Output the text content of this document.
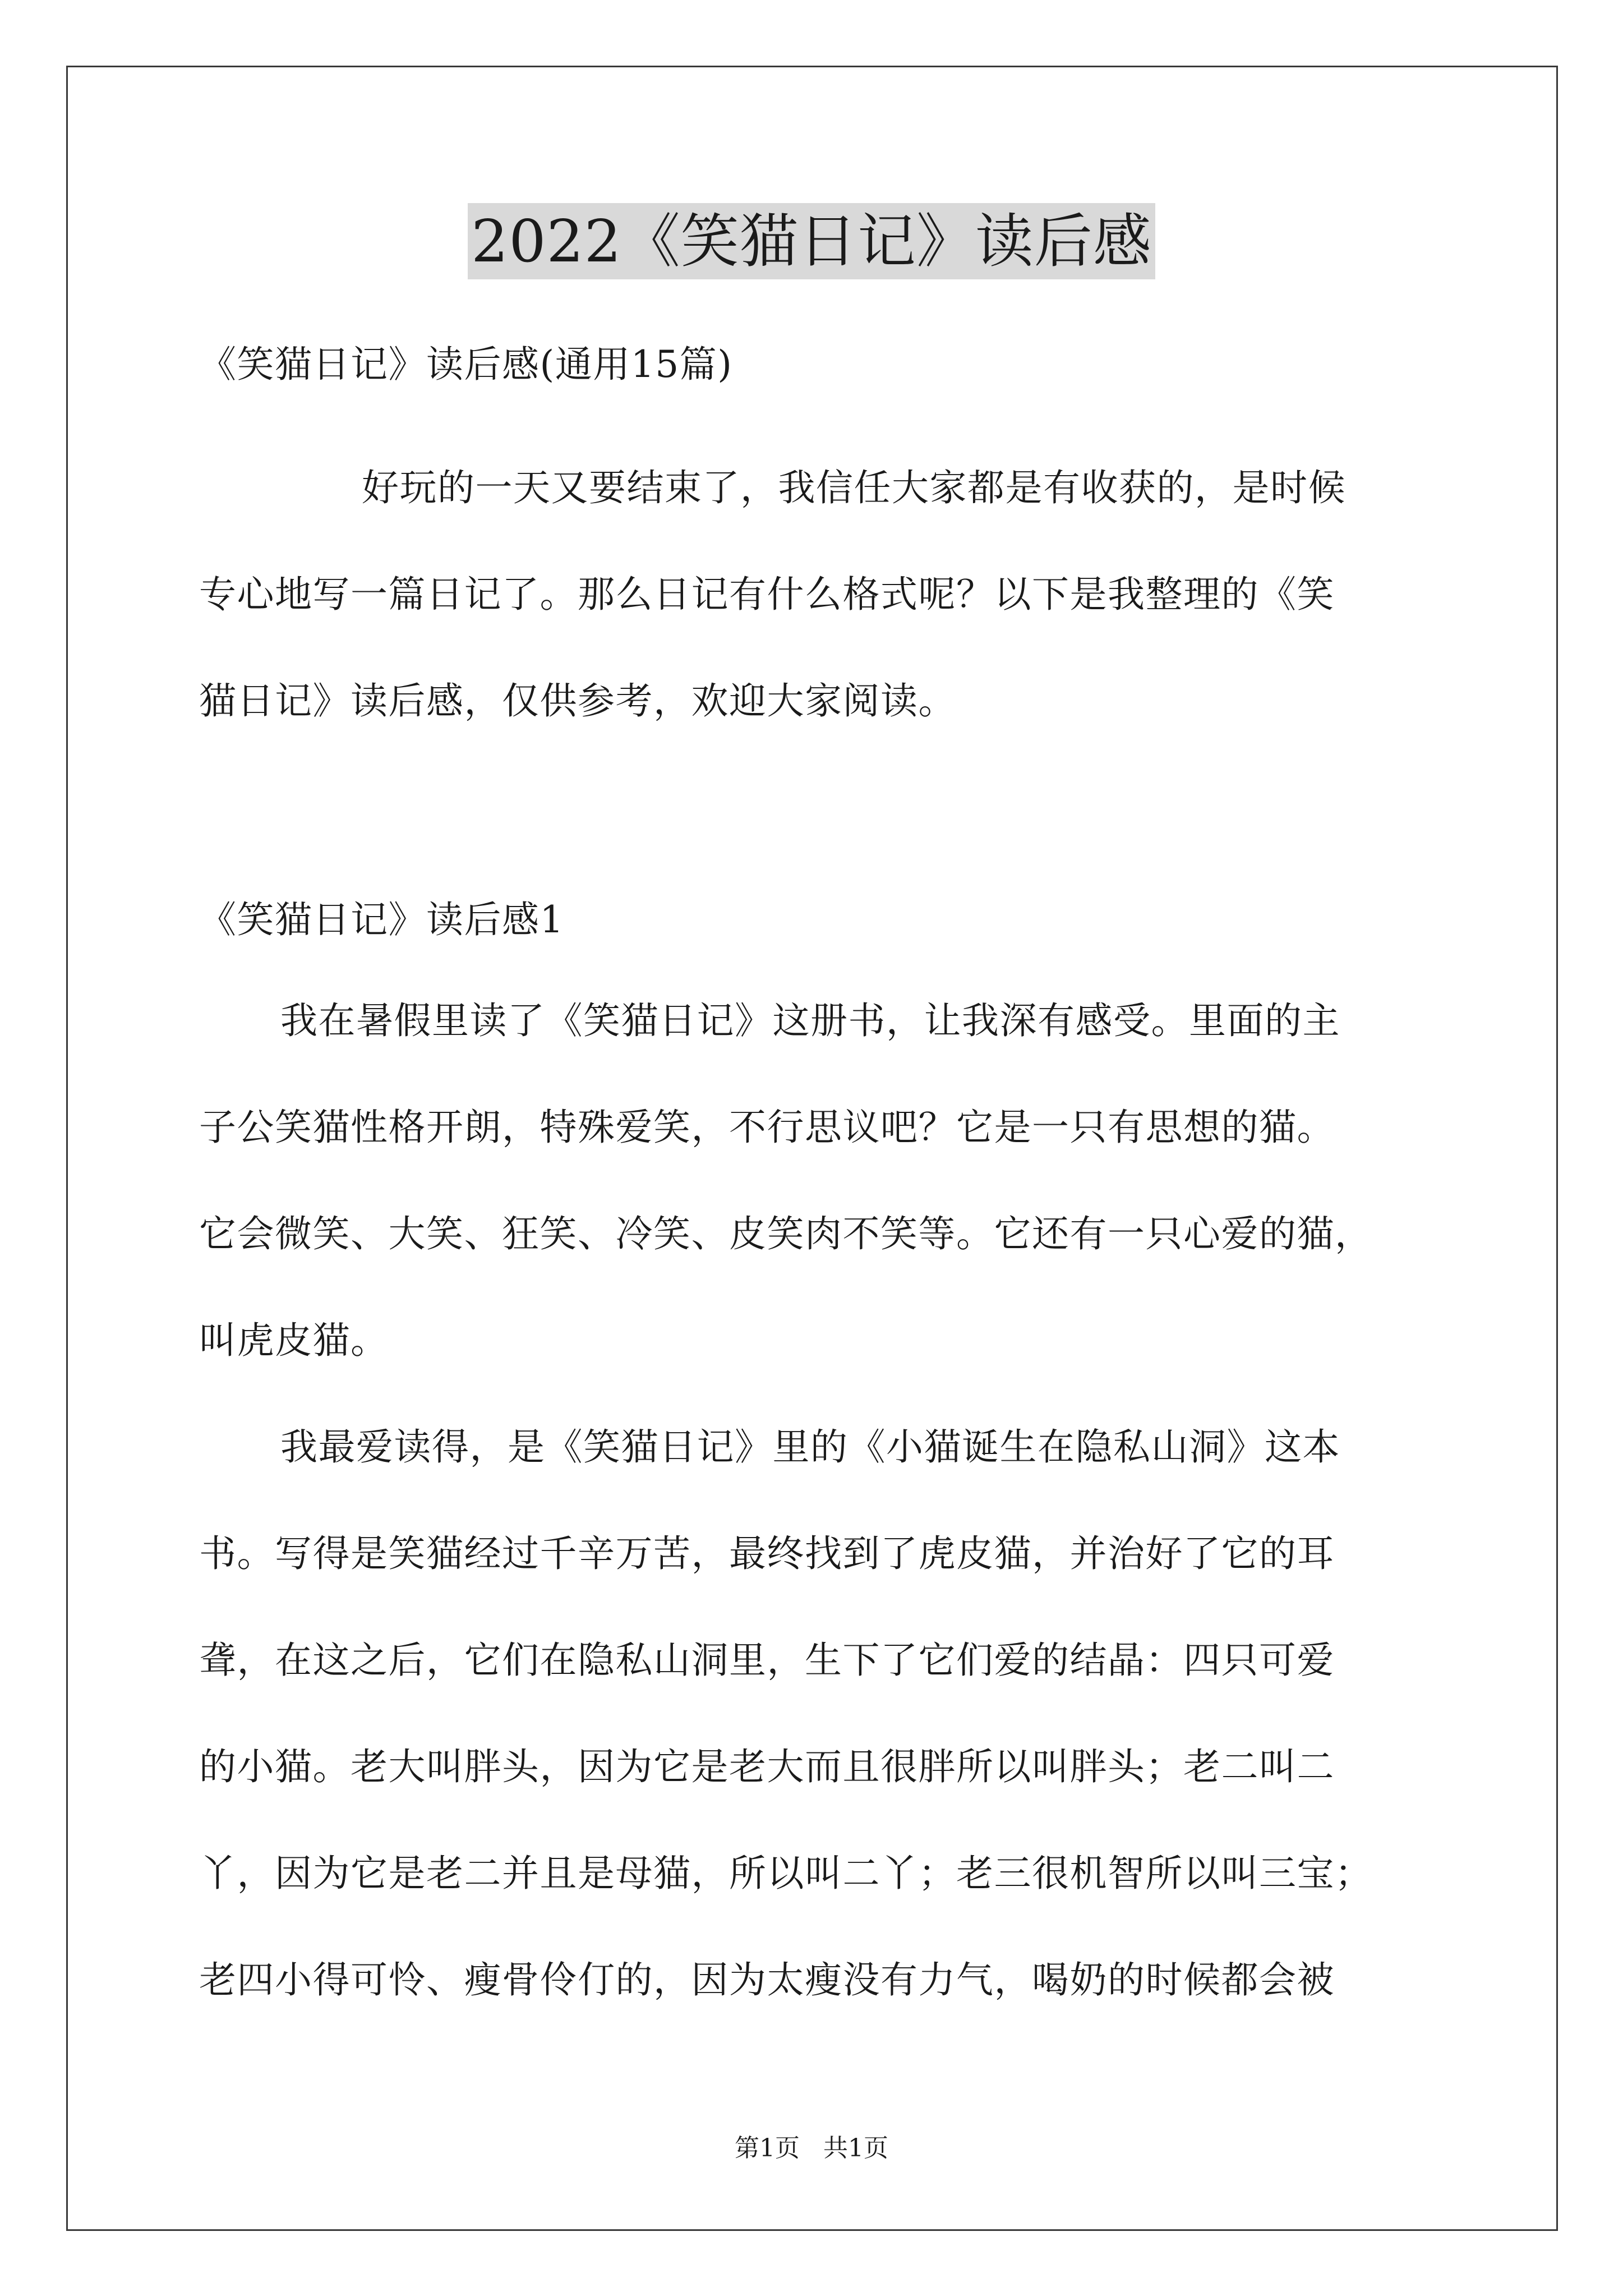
2022《笑猫日记》读后感
《笑猫日记》读后感(通用15篇)
好玩的一天又要结束了，我信任大家都是有收获的，是时候
专心地写一篇日记了。那么日记有什么格式呢？以下是我整理的《笑
猫日记》读后感，仅供参考，欢迎大家阅读。
《笑猫日记》读后感1
我在暑假里读了《笑猫日记》这册书，让我深有感受。里面的主
子公笑猫性格开朗，特殊爱笑，不行思议吧？它是一只有思想的猫。
它会微笑、大笑、狂笑、冷笑、皮笑肉不笑等。它还有一只心爱的猫，
叫虎皮猫。
我最爱读得，是《笑猫日记》里的《小猫诞生在隐私山洞》这本
书。写得是笑猫经过千辛万苦，最终找到了虎皮猫，并治好了它的耳
聋，在这之后，它们在隐私山洞里，生下了它们爱的结晶：四只可爱
的小猫。老大叫胖头，因为它是老大而且很胖所以叫胖头；老二叫二
丫，因为它是老二并且是母猫，所以叫二丫；老三很机智所以叫三宝；
老四小得可怜、瘦骨伶仃的，因为太瘦没有力气，喝奶的时候都会被
第1页 共1页
